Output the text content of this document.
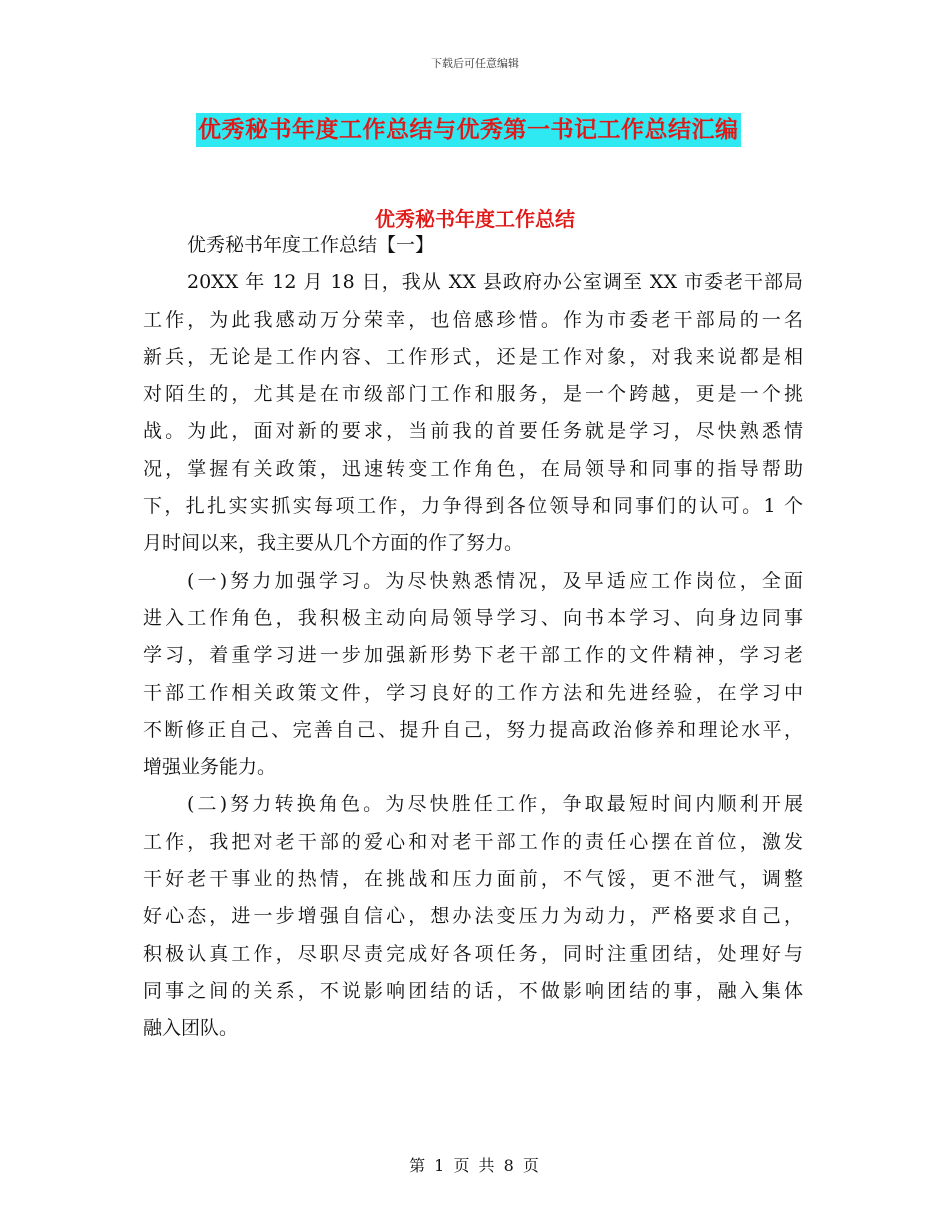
下载后可任意编辑
优秀秘书年度工作总结与优秀第一书记工作总结汇编
优秀秘书年度工作总结
优秀秘书年度工作总结【一】
20XX 年 12 月 18 日，我从 XX 县政府办公室调至 XX 市委老干部局
工作，为此我感动万分荣幸，也倍感珍惜。作为市委老干部局的一名
新兵，无论是工作内容、工作形式，还是工作对象，对我来说都是相
对陌生的，尤其是在市级部门工作和服务，是一个跨越，更是一个挑
战。为此，面对新的要求，当前我的首要任务就是学习，尽快熟悉情
况，掌握有关政策，迅速转变工作角色，在局领导和同事的指导帮助
下，扎扎实实抓实每项工作，力争得到各位领导和同事们的认可。1 个
月时间以来，我主要从几个方面的作了努力。
(一)努力加强学习。为尽快熟悉情况，及早适应工作岗位，全面
进入工作角色，我积极主动向局领导学习、向书本学习、向身边同事
学习，着重学习进一步加强新形势下老干部工作的文件精神，学习老
干部工作相关政策文件，学习良好的工作方法和先进经验，在学习中
不断修正自己、完善自己、提升自己，努力提高政治修养和理论水平，
增强业务能力。
(二)努力转换角色。为尽快胜任工作，争取最短时间内顺利开展
工作，我把对老干部的爱心和对老干部工作的责任心摆在首位，激发
干好老干事业的热情，在挑战和压力面前，不气馁，更不泄气，调整
好心态，进一步增强自信心，想办法变压力为动力，严格要求自己，
积极认真工作，尽职尽责完成好各项任务，同时注重团结，处理好与
同事之间的关系，不说影响团结的话，不做影响团结的事，融入集体
融入团队。
第 1 页 共 8 页
